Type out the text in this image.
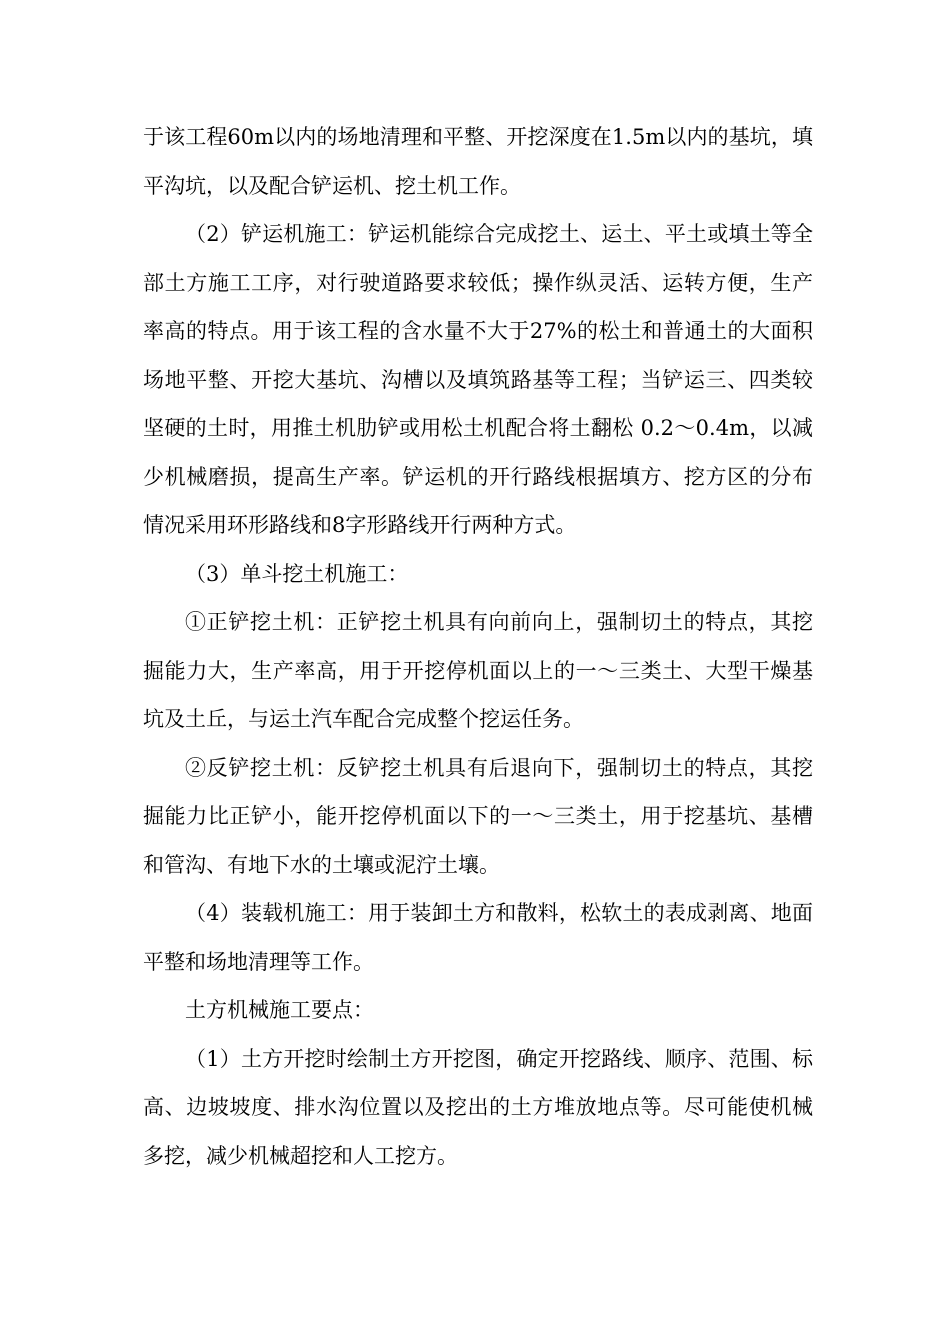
于该工程60m以内的场地清理和平整、开挖深度在1.5m以内的基坑，填平沟坑，以及配合铲运机、挖土机工作。

（2）铲运机施工：铲运机能综合完成挖土、运土、平土或填土等全部土方施工工序，对行驶道路要求较低；操作纵灵活、运转方便，生产率高的特点。用于该工程的含水量不大于27%的松土和普通土的大面积场地平整、开挖大基坑、沟槽以及填筑路基等工程；当铲运三、四类较坚硬的土时，用推土机肋铲或用松土机配合将土翻松 0.2～0.4m，以减少机械磨损，提高生产率。铲运机的开行路线根据填方、挖方区的分布情况采用环形路线和8字形路线开行两种方式。

（3）单斗挖土机施工：

①正铲挖土机：正铲挖土机具有向前向上，强制切土的特点，其挖掘能力大，生产率高，用于开挖停机面以上的一～三类土、大型干燥基坑及土丘，与运土汽车配合完成整个挖运任务。

②反铲挖土机：反铲挖土机具有后退向下，强制切土的特点，其挖掘能力比正铲小，能开挖停机面以下的一～三类土，用于挖基坑、基槽和管沟、有地下水的土壤或泥泞土壤。

（4）装载机施工：用于装卸土方和散料，松软土的表成剥离、地面平整和场地清理等工作。

土方机械施工要点：

（1）土方开挖时绘制土方开挖图，确定开挖路线、顺序、范围、标高、边坡坡度、排水沟位置以及挖出的土方堆放地点等。尽可能使机械多挖，减少机械超挖和人工挖方。
